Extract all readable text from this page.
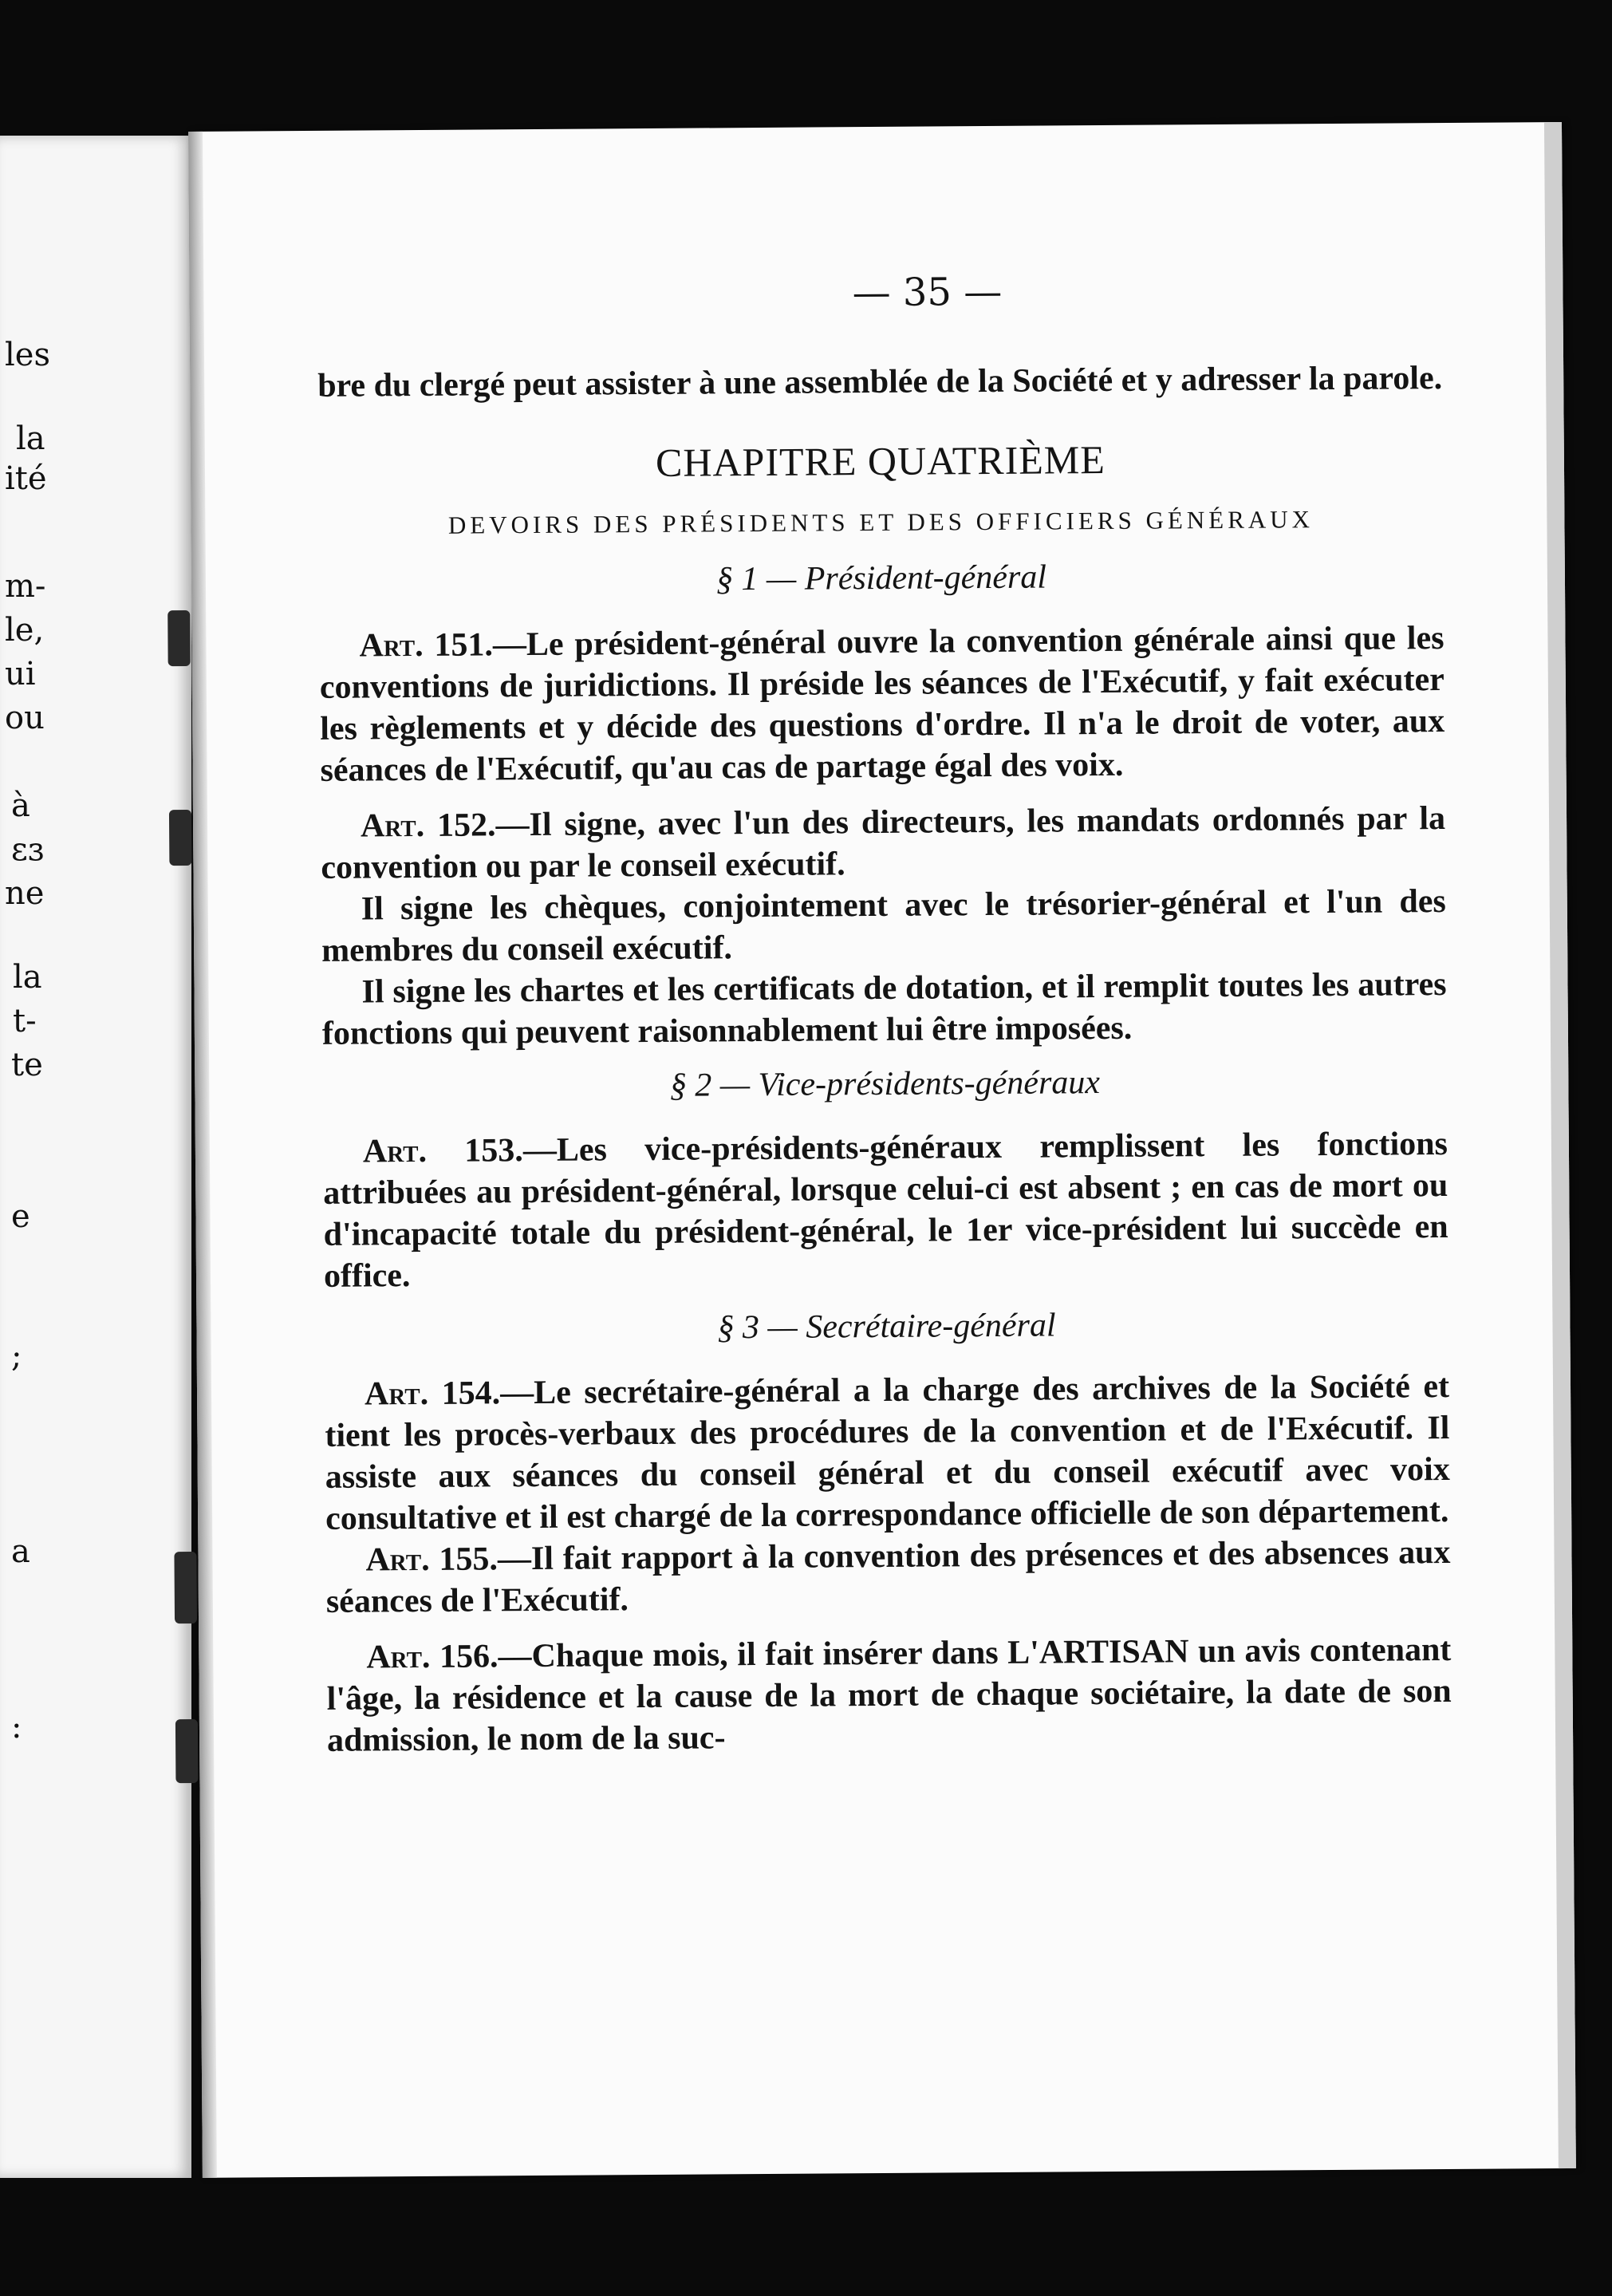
les
la
ité
m-
le,
ui
ou
à
ɛɜ
ne
la
t-
te
e
;
a
:
— 35 —

bre du clergé peut assister à une assemblée de la Société et y adresser la parole.

CHAPITRE QUATRIÈME
DEVOIRS DES PRÉSIDENTS ET DES OFFICIERS GÉNÉRAUX
§ 1 — Président-général

Art. 151.—Le président-général ouvre la convention générale ainsi que les conventions de juridictions. Il préside les séances de l'Exécutif, y fait exécuter les règlements et y décide des questions d'ordre. Il n'a le droit de voter, aux séances de l'Exécutif, qu'au cas de partage égal des voix.

Art. 152.—Il signe, avec l'un des directeurs, les mandats ordonnés par la convention ou par le conseil exécutif.

Il signe les chèques, conjointement avec le trésorier-général et l'un des membres du conseil exécutif.

Il signe les chartes et les certificats de dotation, et il remplit toutes les autres fonctions qui peuvent raisonnablement lui être imposées.

§ 2 — Vice-présidents-généraux

Art. 153.—Les vice-présidents-généraux remplissent les fonctions attribuées au président-général, lorsque celui-ci est absent ; en cas de mort ou d'incapacité totale du président-général, le 1er vice-président lui succède en office.

§ 3 — Secrétaire-général

Art. 154.—Le secrétaire-général a la charge des archives de la Société et tient les procès-verbaux des procédures de la convention et de l'Exécutif. Il assiste aux séances du conseil général et du conseil exécutif avec voix consultative et il est chargé de la correspondance officielle de son département.

Art. 155.—Il fait rapport à la convention des présences et des absences aux séances de l'Exécutif.

Art. 156.—Chaque mois, il fait insérer dans L'ARTISAN un avis contenant l'âge, la résidence et la cause de la mort de chaque sociétaire, la date de son admission, le nom de la suc-
